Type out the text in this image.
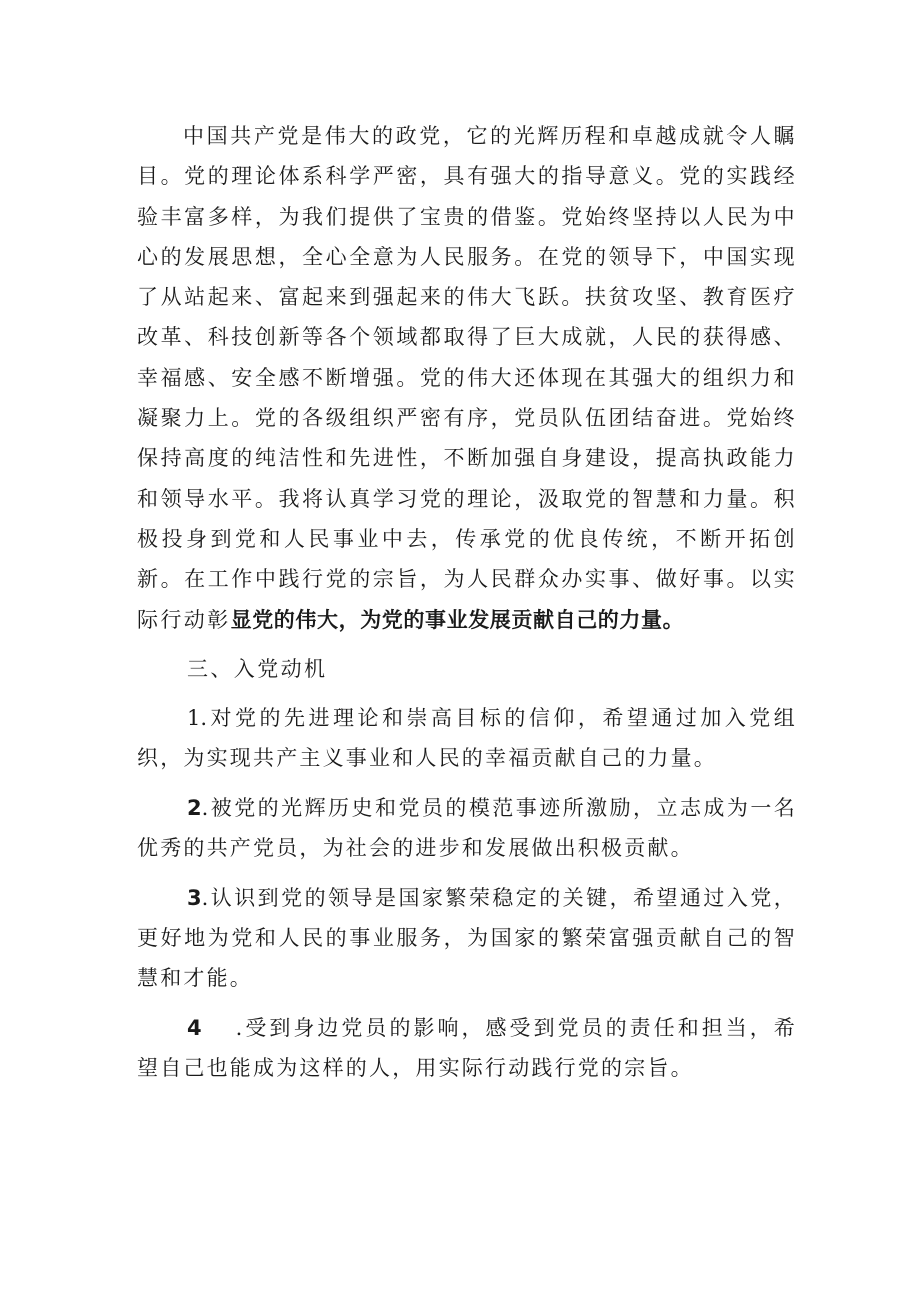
中国共产党是伟大的政党，它的光辉历程和卓越成就令人瞩目。党的理论体系科学严密，具有强大的指导意义。党的实践经验丰富多样，为我们提供了宝贵的借鉴。党始终坚持以人民为中心的发展思想，全心全意为人民服务。在党的领导下，中国实现了从站起来、富起来到强起来的伟大飞跃。扶贫攻坚、教育医疗改革、科技创新等各个领域都取得了巨大成就，人民的获得感、幸福感、安全感不断增强。党的伟大还体现在其强大的组织力和凝聚力上。党的各级组织严密有序，党员队伍团结奋进。党始终保持高度的纯洁性和先进性，不断加强自身建设，提高执政能力和领导水平。我将认真学习党的理论，汲取党的智慧和力量。积极投身到党和人民事业中去，传承党的优良传统，不断开拓创新。在工作中践行党的宗旨，为人民群众办实事、做好事。以实际行动彰显党的伟大，为党的事业发展贡献自己的力量。

三、入党动机

1.对党的先进理论和崇高目标的信仰，希望通过加入党组织，为实现共产主义事业和人民的幸福贡献自己的力量。

2.被党的光辉历史和党员的模范事迹所激励，立志成为一名优秀的共产党员，为社会的进步和发展做出积极贡献。

3.认识到党的领导是国家繁荣稳定的关键，希望通过入党，更好地为党和人民的事业服务，为国家的繁荣富强贡献自己的智慧和才能。

4 .受到身边党员的影响，感受到党员的责任和担当，希望自己也能成为这样的人，用实际行动践行党的宗旨。
